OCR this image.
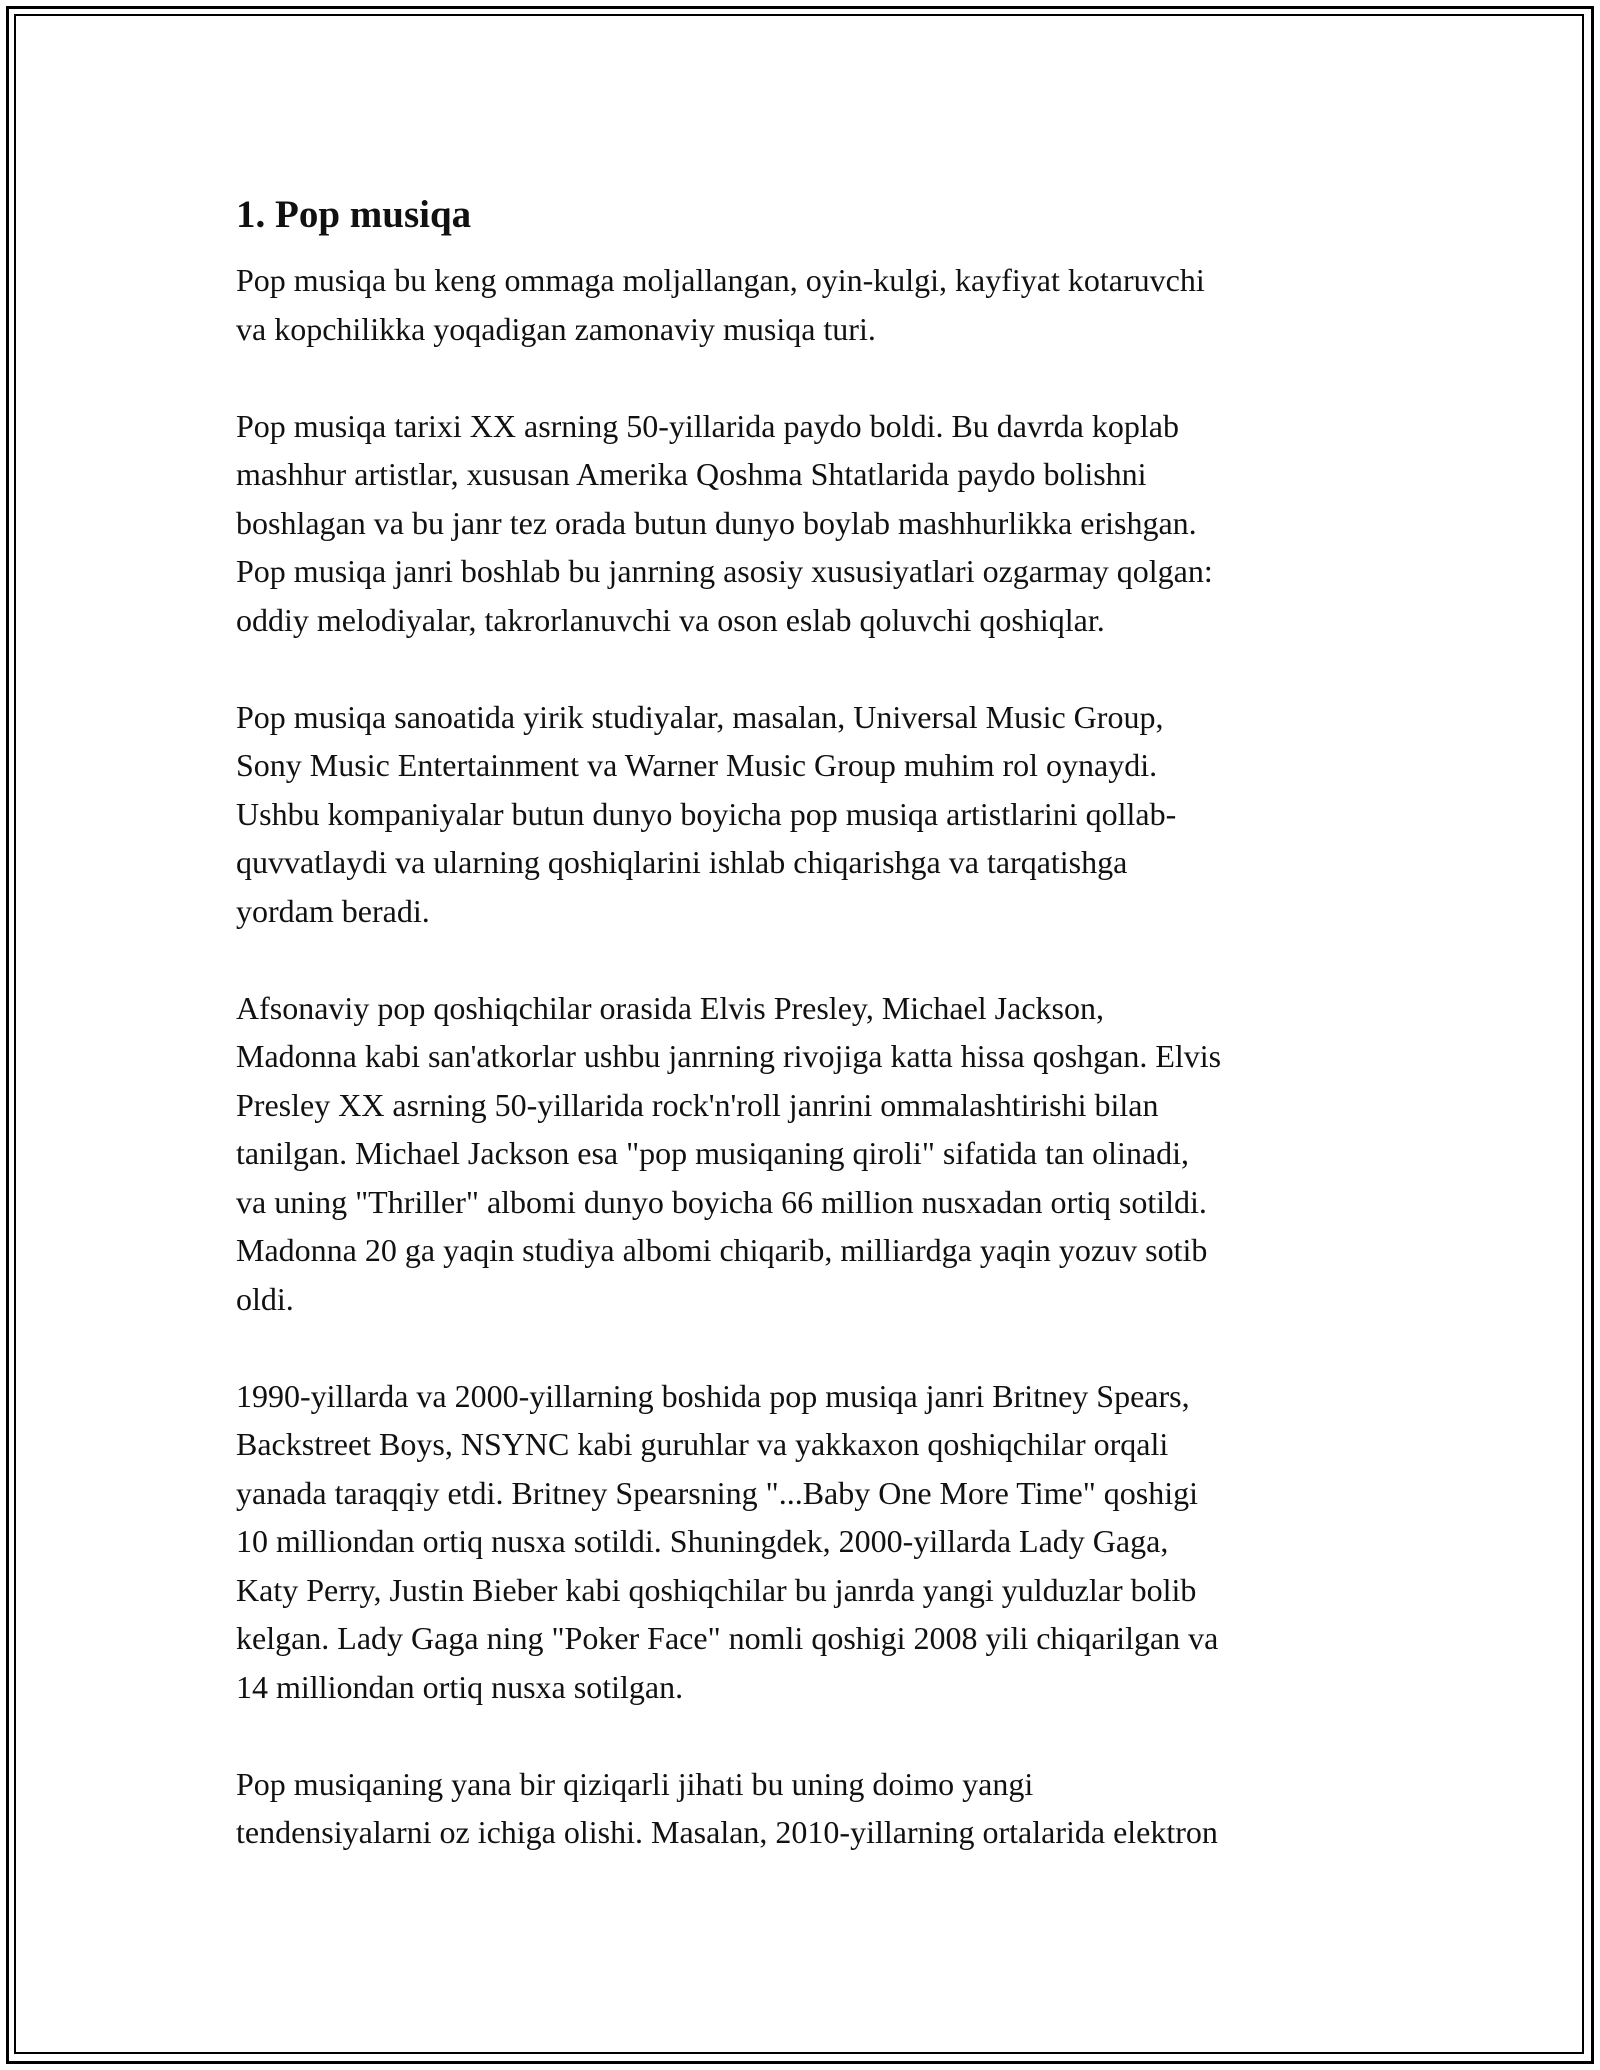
1. Pop musiqa

Pop musiqa bu keng ommaga moljallangan, oyin-kulgi, kayfiyat kotaruvchi
va kopchilikka yoqadigan zamonaviy musiqa turi.

Pop musiqa tarixi XX asrning 50-yillarida paydo boldi. Bu davrda koplab
mashhur artistlar, xususan Amerika Qoshma Shtatlarida paydo bolishni
boshlagan va bu janr tez orada butun dunyo boylab mashhurlikka erishgan.
Pop musiqa janri boshlab bu janrning asosiy xususiyatlari ozgarmay qolgan:
oddiy melodiyalar, takrorlanuvchi va oson eslab qoluvchi qoshiqlar.

Pop musiqa sanoatida yirik studiyalar, masalan, Universal Music Group,
Sony Music Entertainment va Warner Music Group muhim rol oynaydi.
Ushbu kompaniyalar butun dunyo boyicha pop musiqa artistlarini qollab-
quvvatlaydi va ularning qoshiqlarini ishlab chiqarishga va tarqatishga
yordam beradi.

Afsonaviy pop qoshiqchilar orasida Elvis Presley, Michael Jackson,
Madonna kabi san'atkorlar ushbu janrning rivojiga katta hissa qoshgan. Elvis
Presley XX asrning 50-yillarida rock'n'roll janrini ommalashtirishi bilan
tanilgan. Michael Jackson esa "pop musiqaning qiroli" sifatida tan olinadi,
va uning "Thriller" albomi dunyo boyicha 66 million nusxadan ortiq sotildi.
Madonna 20 ga yaqin studiya albomi chiqarib, milliardga yaqin yozuv sotib
oldi.

1990-yillarda va 2000-yillarning boshida pop musiqa janri Britney Spears,
Backstreet Boys, NSYNC kabi guruhlar va yakkaxon qoshiqchilar orqali
yanada taraqqiy etdi. Britney Spearsning "...Baby One More Time" qoshigi
10 milliondan ortiq nusxa sotildi. Shuningdek, 2000-yillarda Lady Gaga,
Katy Perry, Justin Bieber kabi qoshiqchilar bu janrda yangi yulduzlar bolib
kelgan. Lady Gaga ning "Poker Face" nomli qoshigi 2008 yili chiqarilgan va
14 milliondan ortiq nusxa sotilgan.

Pop musiqaning yana bir qiziqarli jihati bu uning doimo yangi
tendensiyalarni oz ichiga olishi. Masalan, 2010-yillarning ortalarida elektron
